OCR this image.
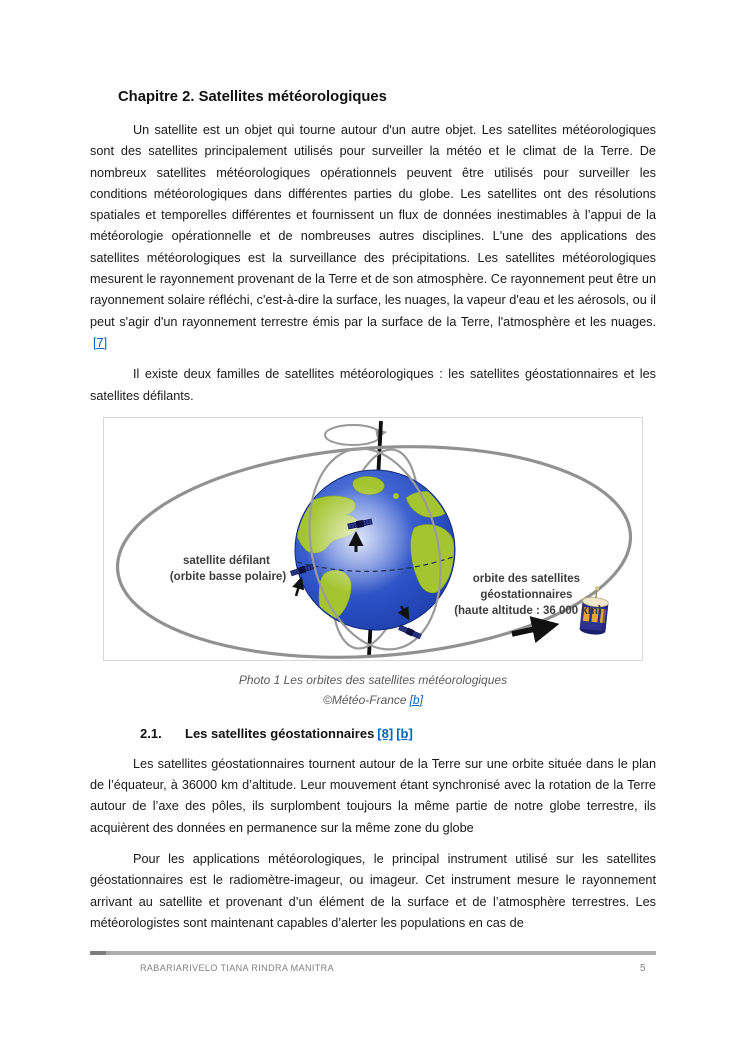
Chapitre 2. Satellites météorologiques

Un satellite est un objet qui tourne autour d'un autre objet. Les satellites météorologiques sont des satellites principalement utilisés pour surveiller la météo et le climat de la Terre. De nombreux satellites météorologiques opérationnels peuvent être utilisés pour surveiller les conditions météorologiques dans différentes parties du globe. Les satellites ont des résolutions spatiales et temporelles différentes et fournissent un flux de données inestimables à l’appui de la météorologie opérationnelle et de nombreuses autres disciplines. L'une des applications des satellites météorologiques est la surveillance des précipitations. Les satellites météorologiques mesurent le rayonnement provenant de la Terre et de son atmosphère. Ce rayonnement peut être un rayonnement solaire réfléchi, c'est-à-dire la surface, les nuages, la vapeur d'eau et les aérosols, ou il peut s'agir d'un rayonnement terrestre émis par la surface de la Terre, l'atmosphère et les nuages.[7]

Il existe deux familles de satellites météorologiques : les satellites géostationnaires et les satellites défilants.

satellite défilant (orbite basse polaire)	orbite des satellites géostationnaires (haute altitude : 36 000 km)
Photo 1 Les orbites des satellites météorologiques
©Météo-France [b]
2.1. Les satellites géostationnaires [8] [b]

Les satellites géostationnaires tournent autour de la Terre sur une orbite située dans le plan de l’équateur, à 36000 km d’altitude. Leur mouvement étant synchronisé avec la rotation de la Terre autour de l’axe des pôles, ils surplombent toujours la même partie de notre globe terrestre, ils acquièrent des données en permanence sur la même zone du globe

Pour les applications météorologiques, le principal instrument utilisé sur les satellites géostationnaires est le radiomètre-imageur, ou imageur. Cet instrument mesure le rayonnement arrivant au satellite et provenant d’un élément de la surface et de l’atmosphère terrestres. Les météorologistes sont maintenant capables d’alerter les populations en cas de

RABARIARIVELO TIANA RINDRA MANITRA	5
